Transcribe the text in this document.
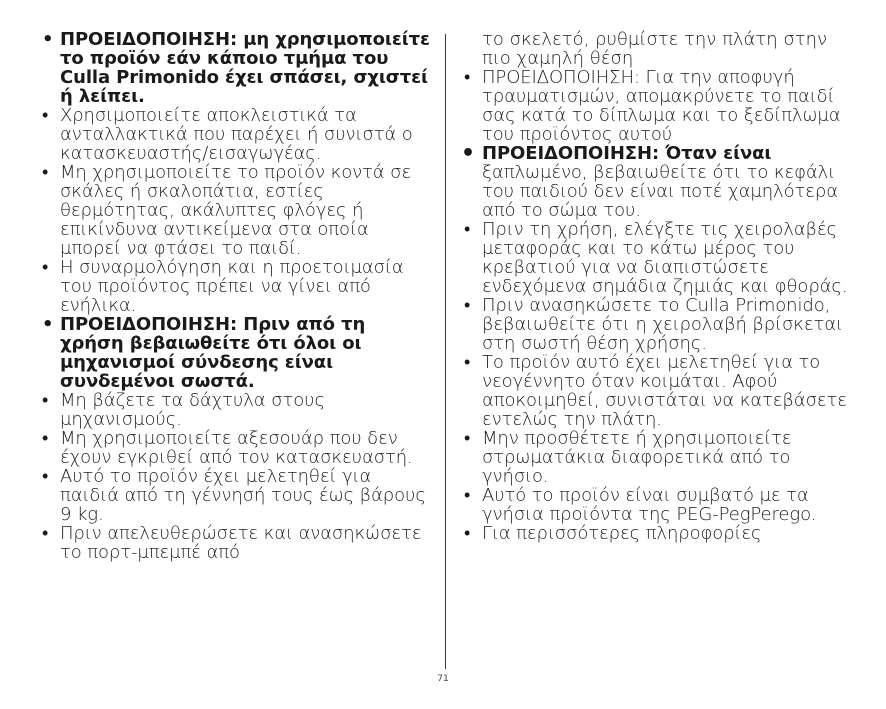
• ΠΡΟΕΙΔΟΠΟΙΗΣΗ: μη χρησιμοποιείτε το προϊόν εάν κάποιο τμήμα του Culla Primonido έχει σπάσει, σχιστεί ή λείπει.
• Χρησιμοποιείτε αποκλειστικά τα ανταλλακτικά που παρέχει ή συνιστά ο κατασκευαστής/εισαγωγέας.
• Μη χρησιμοποιείτε το προϊόν κοντά σε σκάλες ή σκαλοπάτια, εστίες θερμότητας, ακάλυπτες φλόγες ή επικίνδυνα αντικείμενα στα οποία μπορεί να φτάσει το παιδί.
• Η συναρμολόγηση και η προετοιμασία του προϊόντος πρέπει να γίνει από ενήλικα.
• ΠΡΟΕΙΔΟΠΟΙΗΣΗ: Πριν από τη χρήση βεβαιωθείτε ότι όλοι οι μηχανισμοί σύνδεσης είναι συνδεμένοι σωστά.
• Μη βάζετε τα δάχτυλα στους μηχανισμούς.
• Μη χρησιμοποιείτε αξεσουάρ που δεν έχουν εγκριθεί από τον κατασκευαστή.
• Αυτό το προϊόν έχει μελετηθεί για παιδιά από τη γέννησή τους έως βάρους 9 kg.
• Πριν απελευθερώσετε και ανασηκώσετε το πορτ-μπεμπέ από
το σκελετό, ρυθμίστε την πλάτη στην πιο χαμηλή θέση
• ΠΡΟΕΙΔΟΠΟΙΗΣΗ: Για την αποφυγή τραυματισμών, απομακρύνετε το παιδί σας κατά το δίπλωμα και το ξεδίπλωμα του προϊόντος αυτού
• ΠΡΟΕΙΔΟΠΟΙΗΣΗ: Όταν είναι
ξαπλωμένο, βεβαιωθείτε ότι το κεφάλι του παιδιού δεν είναι ποτέ χαμηλότερα από το σώμα του.
• Πριν τη χρήση, ελέγξτε τις χειρολαβές μεταφοράς και το κάτω μέρος του κρεβατιού για να διαπιστώσετε ενδεχόμενα σημάδια ζημιάς και φθοράς.
• Πριν ανασηκώσετε το Culla Primonido, βεβαιωθείτε ότι η χειρολαβή βρίσκεται στη σωστή θέση χρήσης.
• Το προϊόν αυτό έχει μελετηθεί για το νεογέννητο όταν κοιμάται. Αφού αποκοιμηθεί, συνιστάται να κατεβάσετε εντελώς την πλάτη.
• Μην προσθέτετε ή χρησιμοποιείτε στρωματάκια διαφορετικά από το γνήσιο.
• Αυτό το προϊόν είναι συμβατό με τα γνήσια προϊόντα της PEG-PegPerego.
• Για περισσότερες πληροφορίες
71
